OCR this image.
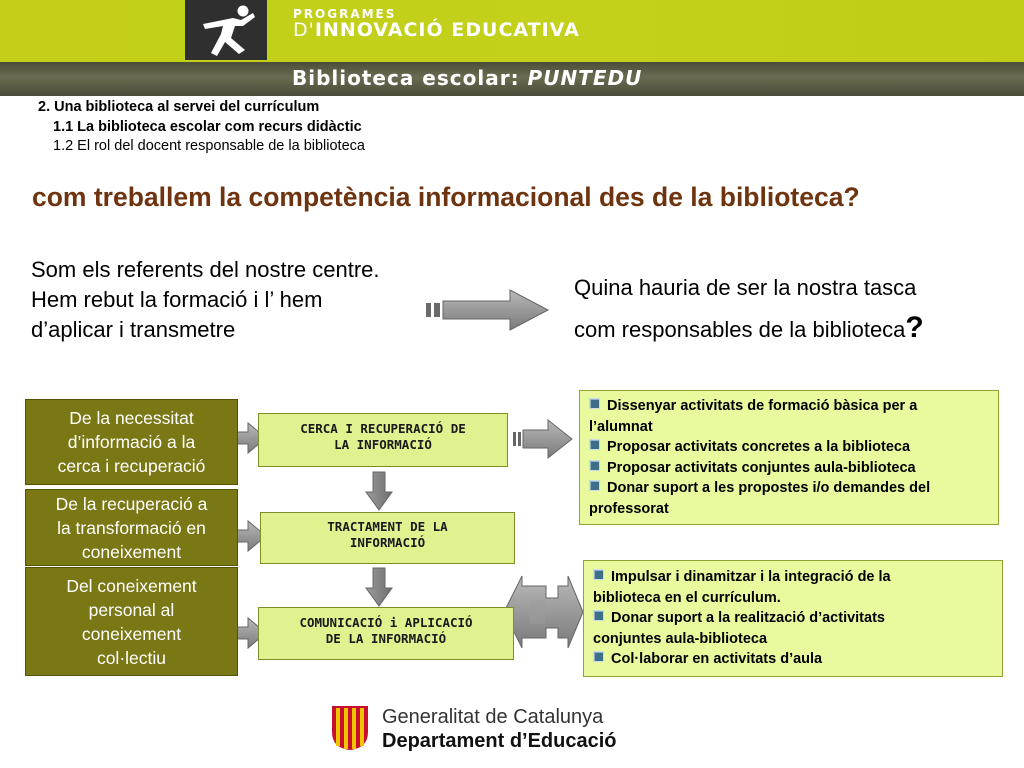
PROGRAMES
D'INNOVACIÓ EDUCATIVA
Biblioteca escolar: PUNTEDU
2. Una biblioteca al servei del currículum
1.1 La biblioteca escolar com recurs didàctic
1.2 El rol del docent responsable de la biblioteca
com treballem la competència informacional des de la biblioteca?
Som els referents del nostre centre.
Hem rebut la formació i l’ hem
d’aplicar i transmetre
Quina hauria de ser la nostra tasca
com responsables de la biblioteca?
De la necessitat
d’informació a la
cerca i recuperació
De la recuperació a
la transformació en
coneixement
Del coneixement
personal al
coneixement
col·lectiu
CERCA I RECUPERACIÓ DE
LA INFORMACIÓ
TRACTAMENT DE LA
INFORMACIÓ
COMUNICACIÓ i APLICACIÓ
DE LA INFORMACIÓ
Dissenyar activitats de formació bàsica per a
l’alumnat
Proposar activitats concretes a la biblioteca
Proposar activitats conjuntes aula-biblioteca
Donar suport a les propostes i/o demandes del
professorat
Impulsar i dinamitzar i la integració de la
biblioteca en el currículum.
Donar suport a la realització d’activitats
conjuntes aula-biblioteca
Col·laborar en activitats d’aula
Generalitat de Catalunya
Departament d’Educació
